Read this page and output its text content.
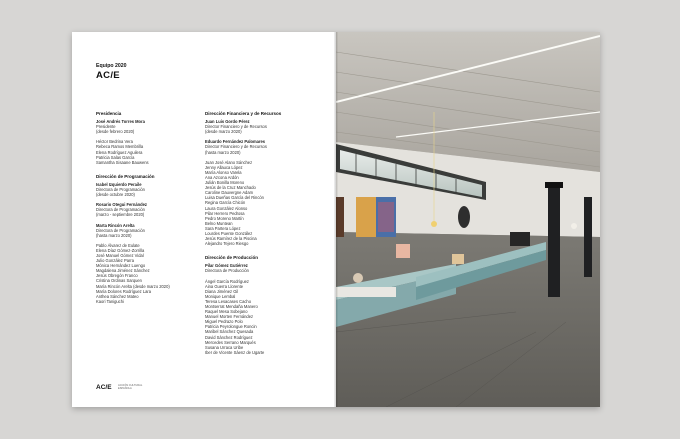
Equipo 2020
AC/E
Presidencia
José Andrés Torres Mora
Presidente
(desde febrero 2020)
Héctor Bedrina Vera
Rebeca Ramos Membrilla
Elena Rodríguez Aguilera
Patricia Salas García
Samantha Sisaane Bauwens
Dirección de Programación
Isabel Izquierdo Peraile
Directora de Programación
(desde octubre 2020)
Rosario Otegui Fernández
Directora de Programación
(marzo - septiembre 2020)
Marta Rincón Arelta
Directora de Programación
(hasta marzo 2020)
Pablo Álvarez de Eulate
Elena Díaz Gómez-Zorrilla
José Manuel Gómez Vidal
Julio González Parra
Mónica Hernández Luengo
Magdalena Jiménez Sánchez
Jesús Obregón Franco
Cristina Ordinas Sarquen
María Rincón Arelta (desde marzo 2020)
María Dolores Rodríguez Lara
Anthea Sánchez Mateo
Kaori Taniguchi
Dirección Financiera y de Recursos
Juan Luis Gordo Pérez
Director Financiero y de Recursos
(desde marzo 2020)
Eduardo Fernández Palomares
Director Financiero y de Recursos
(hasta marzo 2020)
Juan José Alano Sánchez
Jenny Allauca López
María Alonso Varela
Ana Azcona Ardón
Julián Bonilla Moreno
Jesús de la Cruz Manchado
Caroline Dauvergne Adam
Luisa Dueñas García del Rincón
Regina García Chicón
Laura González Alonso
Pilar Herrero Pedrosa
Pedro Moreno Martín
Belno Muntean
Sara Partera López
Lourdes Puente González
Jesús Ramírez de la Piscina
Alejandro Tejero Riesgo
Dirección de Producción
Pilar Gómez Gutiérrez
Directora de Producción
Ángel García Rodríguez
Aina Guerra Llorente
Diana Jiménez Gil
Monique Lembal
Teresa Lesacases Cacho
Montserrat Mendaña Manero
Raquel Mesa Sobejano
Manuel Morten Fernández
Miguel Pedrazo Polo
Patricia Peyrolongue Roncin
Maribel Sánchez Quesada
David Sánchez Rodríguez
Mercedes Serrano Marqués
Susana Urraca Uribe
Iber de Vicente Sáenz de Ugarte
AC/E ACCIÓN CULTURAL ESPAÑOLA
